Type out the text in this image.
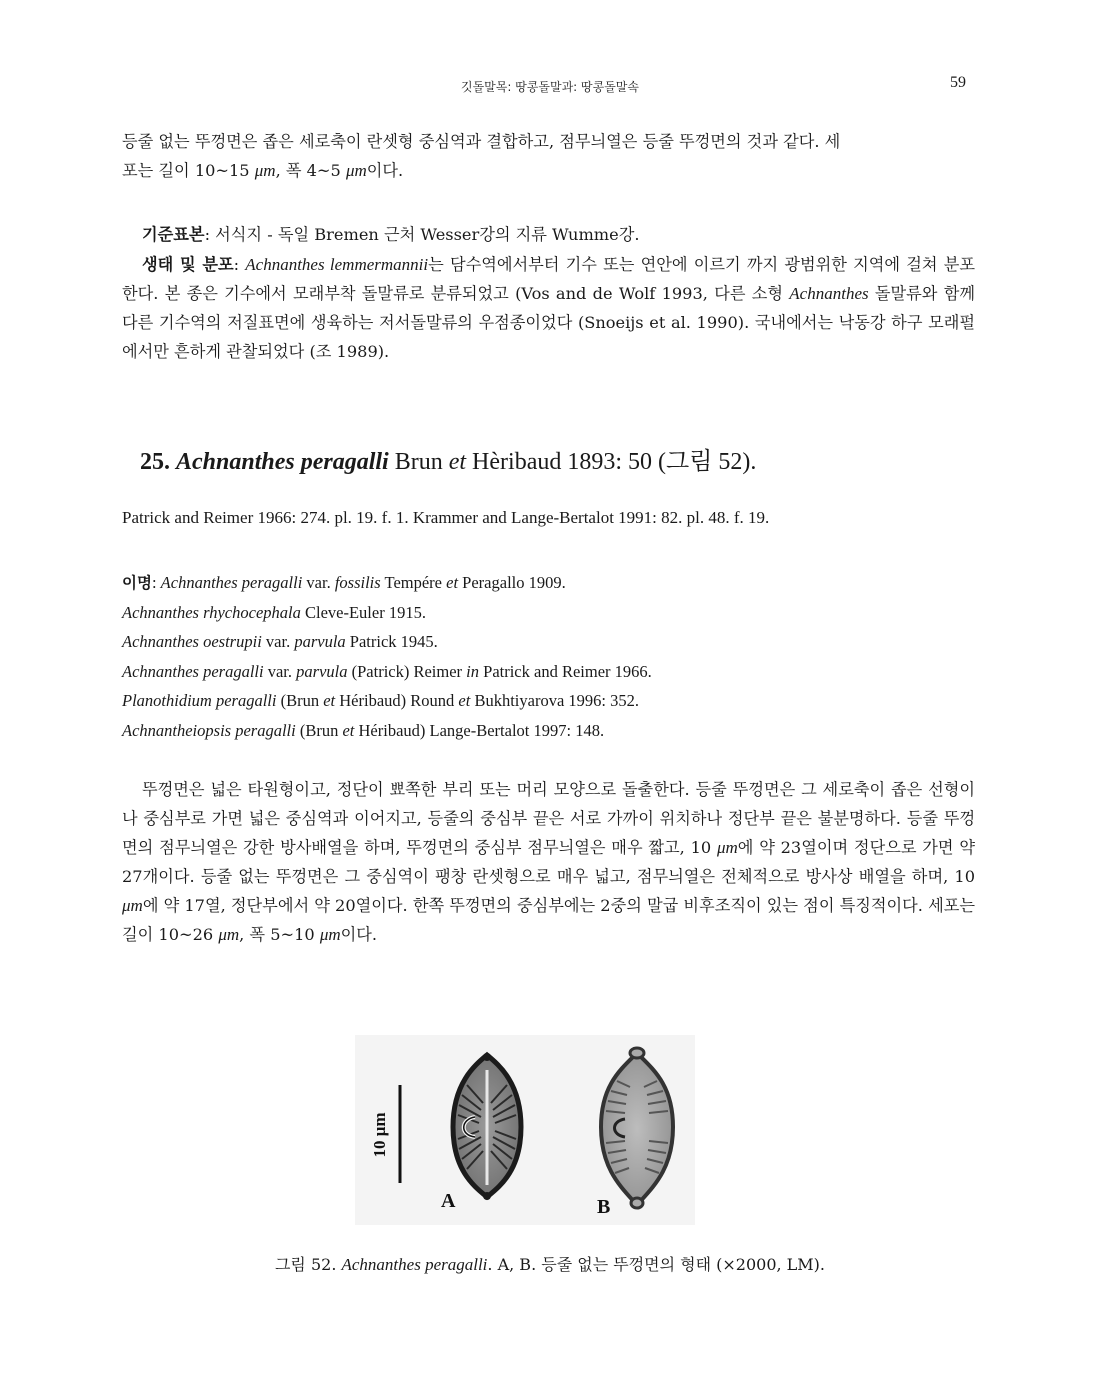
깃돌말목: 땅콩돌말과: 땅콩돌말속	59
등줄 없는 뚜껑면은 좁은 세로축이 란셋형 중심역과 결합하고, 점무늬열은 등줄 뚜껑면의 것과 같다. 세
포는 길이 10~15 μm, 폭 4~5 μm이다.
기준표본: 서식지 - 독일 Bremen 근처 Wesser강의 지류 Wumme강.
생태 및 분포: Achnanthes lemmermannii는 담수역에서부터 기수 또는 연안에 이르기 까지 광범위한 지역에 걸쳐 분포한다. 본 종은 기수에서 모래부착 돌말류로 분류되었고 (Vos and de Wolf 1993, 다른 소형 Achnanthes 돌말류와 함께 다른 기수역의 저질표면에 생육하는 저서돌말류의 우점종이었다 (Snoeijs et al. 1990). 국내에서는 낙동강 하구 모래펄에서만 흔하게 관찰되었다 (조 1989).
25. Achnanthes peragalli Brun et Hèribaud 1893: 50 (그림 52).
Patrick and Reimer 1966: 274. pl. 19. f. 1. Krammer and Lange-Bertalot 1991: 82. pl. 48. f. 19.
이명: Achnanthes peragalli var. fossilis Tempére et Peragallo 1909.
Achnanthes rhychocephala Cleve-Euler 1915.
Achnanthes oestrupii var. parvula Patrick 1945.
Achnanthes peragalli var. parvula (Patrick) Reimer in Patrick and Reimer 1966.
Planothidium peragalli (Brun et Héribaud) Round et Bukhtiyarova 1996: 352.
Achnantheiopsis peragalli (Brun et Héribaud) Lange-Bertalot 1997: 148.
뚜껑면은 넓은 타원형이고, 정단이 뾰쪽한 부리 또는 머리 모양으로 돌출한다. 등줄 뚜껑면은 그 세로축이 좁은 선형이나 중심부로 가면 넓은 중심역과 이어지고, 등줄의 중심부 끝은 서로 가까이 위치하나 정단부 끝은 불분명하다. 등줄 뚜껑면의 점무늬열은 강한 방사배열을 하며, 뚜껑면의 중심부 점무늬열은 매우 짧고, 10 μm에 약 23열이며 정단으로 가면 약 27개이다. 등줄 없는 뚜껑면은 그 중심역이 팽창 란셋형으로 매우 넓고, 점무늬열은 전체적으로 방사상 배열을 하며, 10 μm에 약 17열, 정단부에서 약 20열이다. 한쪽 뚜껑면의 중심부에는 2중의 말굽 비후조직이 있는 점이 특징적이다. 세포는 길이 10~26 μm, 폭 5~10 μm이다.
10 μm
A	B
그림 52. Achnanthes peragalli. A, B. 등줄 없는 뚜껑면의 형태 (×2000, LM).
